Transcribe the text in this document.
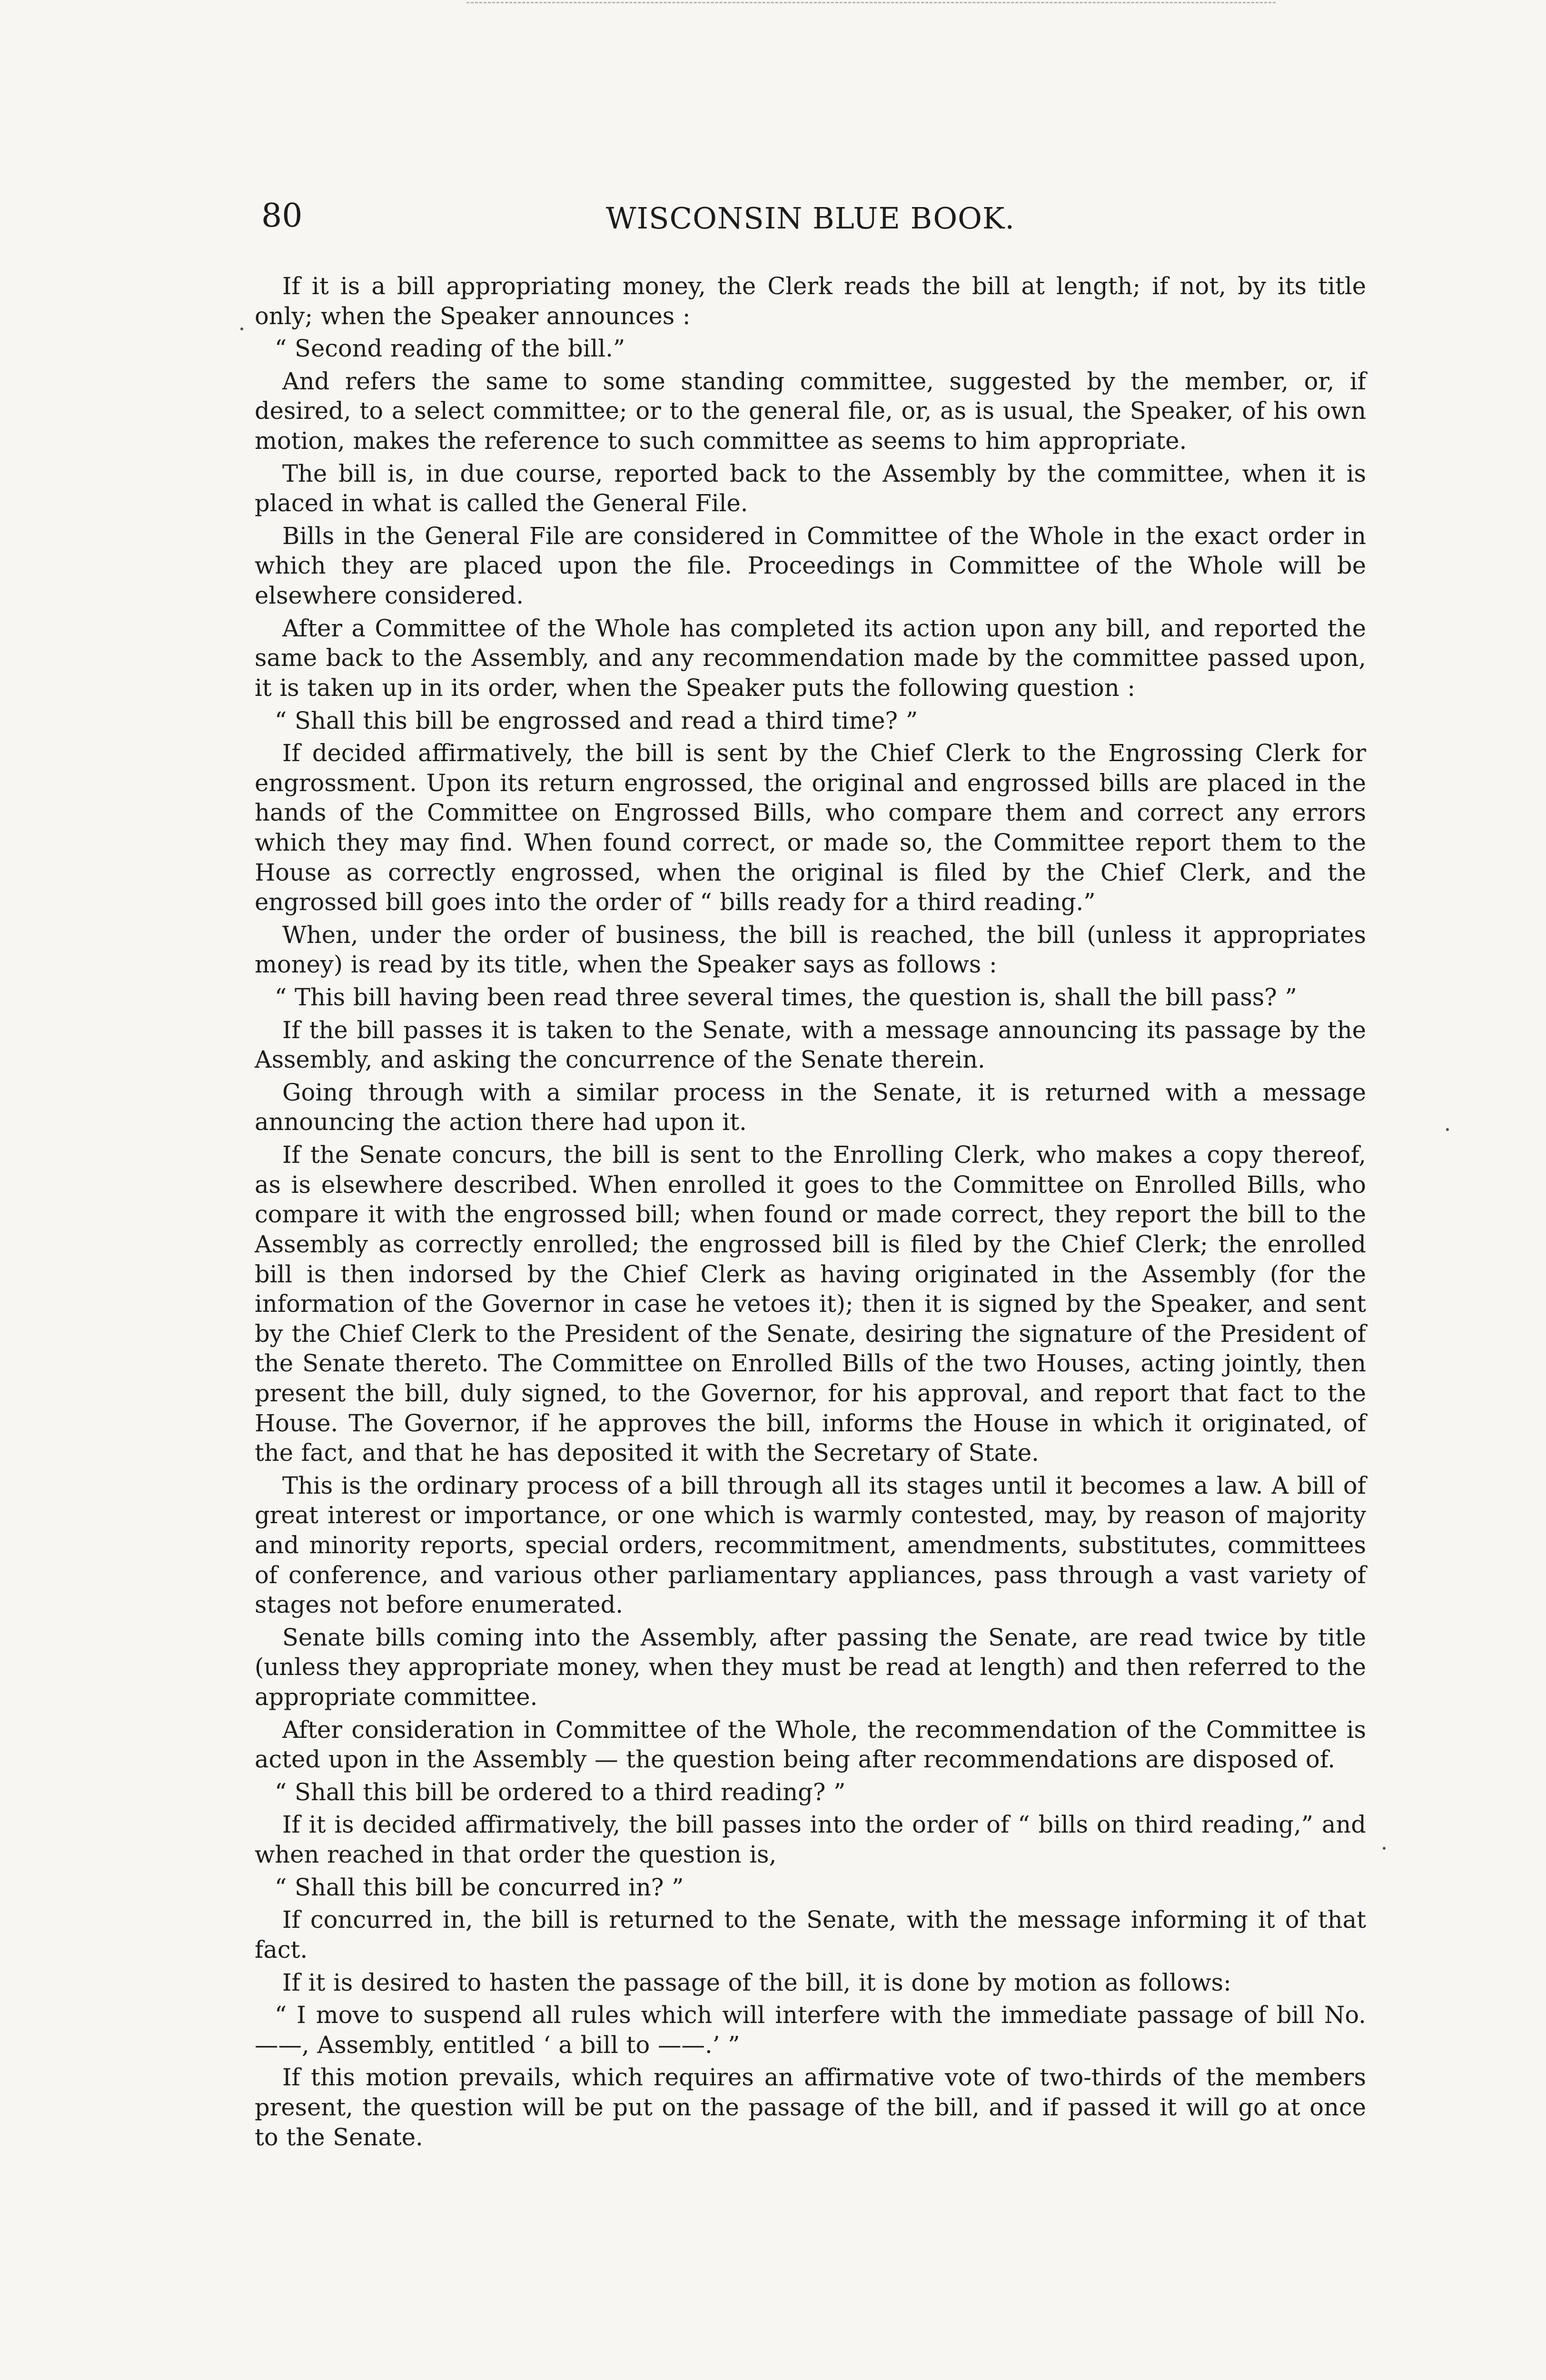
80	WISCONSIN BLUE BOOK.

If it is a bill appropriating money, the Clerk reads the bill at length; if not, by its title only; when the Speaker announces :

“ Second reading of the bill.”

And refers the same to some standing committee, suggested by the member, or, if desired, to a select committee; or to the general file, or, as is usual, the Speaker, of his own motion, makes the reference to such committee as seems to him appropriate.

The bill is, in due course, reported back to the Assembly by the committee, when it is placed in what is called the General File.

Bills in the General File are considered in Committee of the Whole in the exact order in which they are placed upon the file. Proceedings in Committee of the Whole will be elsewhere considered.

After a Committee of the Whole has completed its action upon any bill, and reported the same back to the Assembly, and any recommendation made by the committee passed upon, it is taken up in its order, when the Speaker puts the following question :

“ Shall this bill be engrossed and read a third time? ”

If decided affirmatively, the bill is sent by the Chief Clerk to the Engrossing Clerk for engrossment. Upon its return engrossed, the original and engrossed bills are placed in the hands of the Committee on Engrossed Bills, who compare them and correct any errors which they may find. When found correct, or made so, the Committee report them to the House as correctly engrossed, when the original is filed by the Chief Clerk, and the engrossed bill goes into the order of “ bills ready for a third reading.”

When, under the order of business, the bill is reached, the bill (unless it appropriates money) is read by its title, when the Speaker says as follows :

“ This bill having been read three several times, the question is, shall the bill pass? ”

If the bill passes it is taken to the Senate, with a message announcing its passage by the Assembly, and asking the concurrence of the Senate therein.

Going through with a similar process in the Senate, it is returned with a message announcing the action there had upon it.

If the Senate concurs, the bill is sent to the Enrolling Clerk, who makes a copy thereof, as is elsewhere described. When enrolled it goes to the Committee on Enrolled Bills, who compare it with the engrossed bill; when found or made correct, they report the bill to the Assembly as correctly enrolled; the engrossed bill is filed by the Chief Clerk; the enrolled bill is then indorsed by the Chief Clerk as having originated in the Assembly (for the information of the Governor in case he vetoes it); then it is signed by the Speaker, and sent by the Chief Clerk to the President of the Senate, desiring the signature of the President of the Senate thereto. The Committee on Enrolled Bills of the two Houses, acting jointly, then present the bill, duly signed, to the Governor, for his approval, and report that fact to the House. The Governor, if he approves the bill, informs the House in which it originated, of the fact, and that he has deposited it with the Secretary of State.

This is the ordinary process of a bill through all its stages until it becomes a law. A bill of great interest or importance, or one which is warmly contested, may, by reason of majority and minority reports, special orders, recommitment, amendments, substitutes, committees of conference, and various other parliamentary appliances, pass through a vast variety of stages not before enumerated.

Senate bills coming into the Assembly, after passing the Senate, are read twice by title (unless they appropriate money, when they must be read at length) and then referred to the appropriate committee.

After consideration in Committee of the Whole, the recommendation of the Committee is acted upon in the Assembly — the question being after recommendations are disposed of.

“ Shall this bill be ordered to a third reading? ”

If it is decided affirmatively, the bill passes into the order of “ bills on third reading,” and when reached in that order the question is,

“ Shall this bill be concurred in? ”

If concurred in, the bill is returned to the Senate, with the message informing it of that fact.

If it is desired to hasten the passage of the bill, it is done by motion as follows:

“ I move to suspend all rules which will interfere with the immediate passage of bill No. ——, Assembly, entitled ‘ a bill to ——.’ ”

If this motion prevails, which requires an affirmative vote of two-thirds of the members present, the question will be put on the passage of the bill, and if passed it will go at once to the Senate.
